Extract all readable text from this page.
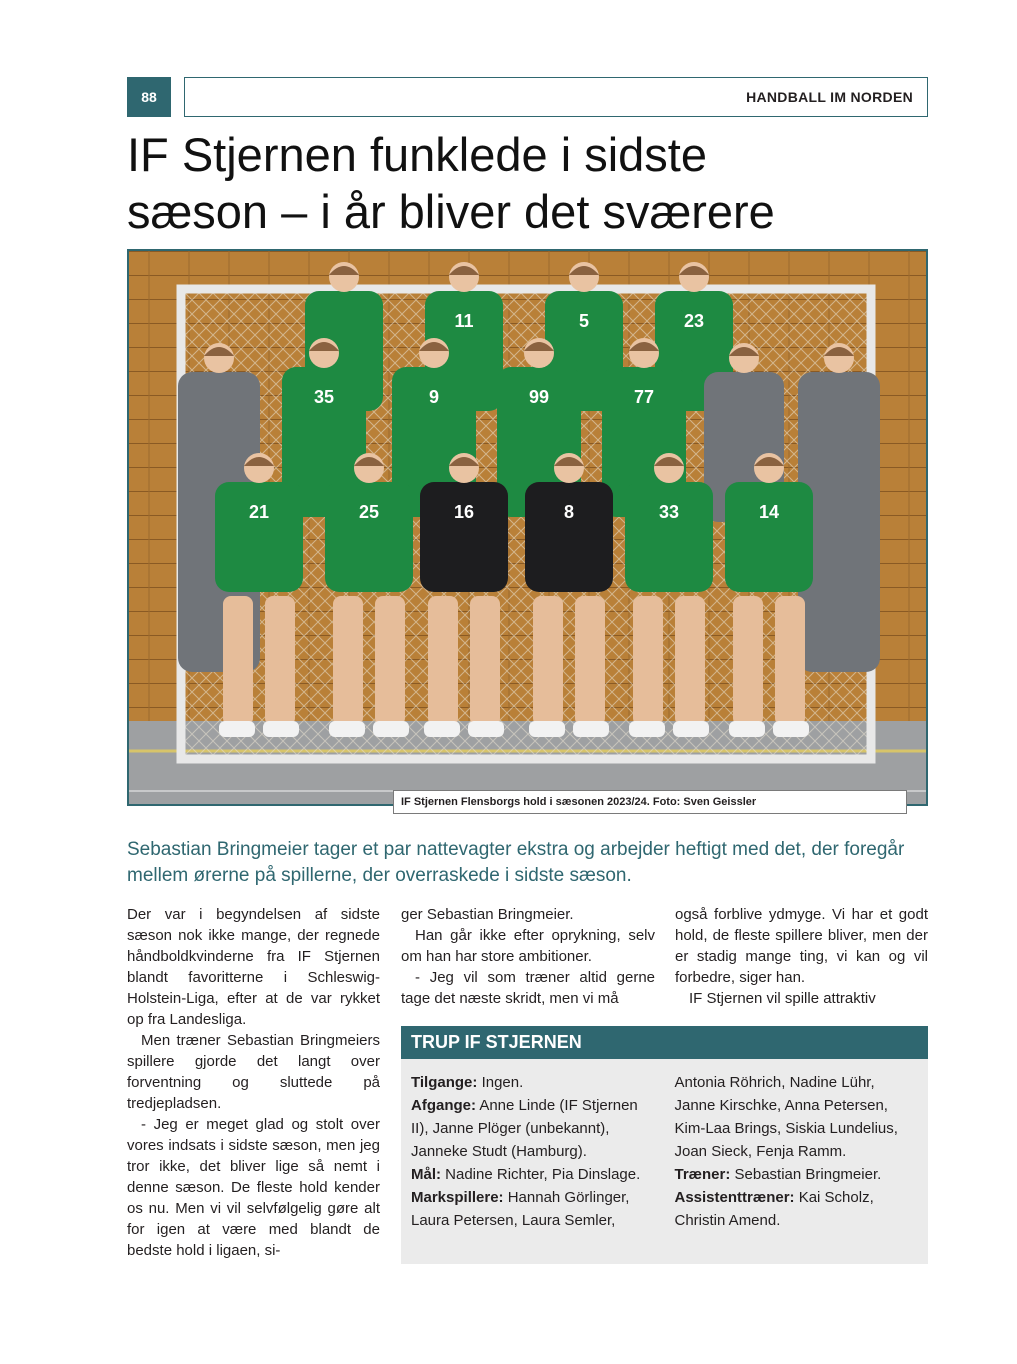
88	HANDBALL IM NORDEN
IF Stjernen funklede i sidste
sæson – i år bliver det sværere
11	5	23
35	9	99	77
21	25	16	8	33	14
IF Stjernen Flensborgs hold i sæsonen 2023/24. Foto: Sven Geissler

Sebastian Bringmeier tager et par nattevagter ekstra og arbejder heftigt med det, der foregår mellem ørerne på spillerne, der overraskede i sidste sæson.

Der var i begyndelsen af sidste sæson nok ikke mange, der regnede håndboldkvinderne fra IF Stjernen blandt favoritterne i Schleswig-Holstein-Liga, efter at de var rykket op fra Landesliga.

Men træner Sebastian Bringmeiers spillere gjorde det langt over forventning og sluttede på tredjepladsen.

- Jeg er meget glad og stolt over vores indsats i sidste sæson, men jeg tror ikke, det bliver lige så nemt i denne sæson. De fleste hold kender os nu. Men vi vil selvfølgelig gøre alt for igen at være med blandt de bedste hold i ligaen, si-

ger Sebastian Bringmeier.

Han går ikke efter oprykning, selv om han har store ambitioner.

- Jeg vil som træner altid gerne tage det næste skridt, men vi må

også forblive ydmyge. Vi har et godt hold, de fleste spillere bliver, men der er stadig mange ting, vi kan og vil forbedre, siger han.

IF Stjernen vil spille attraktiv

TRUP IF STJERNEN

Tilgange: Ingen.

Afgange: Anne Linde (IF Stjernen II), Janne Plöger (unbekannt), Janneke Studt (Hamburg).

Mål: Nadine Richter, Pia Dinslage.

Markspillere: Hannah Görlinger, Laura Petersen, Laura Semler,

Antonia Röhrich, Nadine Lühr, Janne Kirschke, Anna Petersen, Kim-Laa Brings, Siskia Lundelius, Joan Sieck, Fenja Ramm.

Træner: Sebastian Bringmeier.

Assistenttræner: Kai Scholz, Christin Amend.
